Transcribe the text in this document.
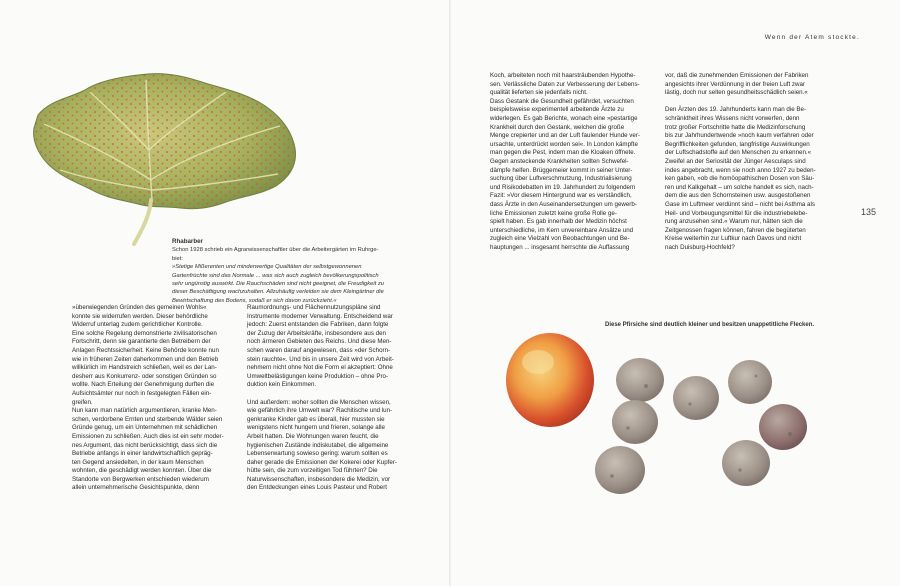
Rhabarber
Schon 1928 schrieb ein Agrarwissenschaftler über die Arbeitergärten im Ruhrge-
biet:
»Stetige Mißerenten und minderwertige Qualitäten der selbstgewonnenen
Gartenfrüchte sind das Normale ... was sich auch zugleich bevölkerungspolitisch
sehr ungünstig auswirkt. Die Rauchschäden sind nicht geeignet, die Freudigkeit zu
dieser Beschäftigung wachzuhalten. Allzuhäufig verleiden sie dem Kleingärtner die
Bewirtschaftung des Bodens, sodaß er sich davon zurückzieht.«
»überwiegenden Gründen des gemeinen Wohls«
konnte sie widerrufen werden. Dieser behördliche
Widerruf unterlag zudem gerichtlicher Kontrolle.
Eine solche Regelung demonstrierte zivilisatorischen
Fortschritt, denn sie garantierte den Betreibern der
Anlagen Rechtssicherheit. Keine Behörde konnte nun
wie in früheren Zeiten daherkommen und den Betrieb
willkürlich im Handstreich schließen, weil es der Lan-
desherr aus Konkurrenz- oder sonstigen Gründen so
wollte. Nach Erteilung der Genehmigung durften die
Aufsichtsämter nur noch in festgelegten Fällen ein-
greifen.
Nun kann man natürlich argumentieren, kranke Men-
schen, verdorbene Ernten und sterbende Wälder seien
Gründe genug, um ein Unternehmen mit schädlichen
Emissionen zu schließen. Auch dies ist ein sehr moder-
nes Argument, das nicht berücksichtigt, dass sich die
Betriebe anfangs in einer landwirtschaftlich gepräg-
ten Gegend ansiedelten, in der kaum Menschen
wohnten, die geschädigt werden konnten. Über die
Standorte von Bergwerken entschieden wiederum
allein unternehmerische Gesichtspunkte, denn
Raumordnungs- und Flächennutzungspläne sind
Instrumente moderner Verwaltung. Entscheidend war
jedoch: Zuerst entstanden die Fabriken, dann folgte
der Zuzug der Arbeitskräfte, insbesondere aus den
noch ärmeren Gebieten des Reichs. Und diese Men-
schen waren darauf angewiesen, dass »der Schorn-
stein rauchte«. Und bis in unsere Zeit wird von Arbeit-
nehmern nicht ohne Not die Form el akzeptiert: Ohne
Umweltbelästigungen keine Produktion – ohne Pro-
duktion kein Einkommen.

Und außerdem: woher sollten die Menschen wissen,
wie gefährlich ihre Umwelt war? Rachitische und lun-
genkranke Kinder gab es überall, hier mussten sie
wenigstens nicht hungern und frieren, solange alle
Arbeit hatten. Die Wohnungen waren feucht, die
hygienischen Zustände indiskutabel, die allgemeine
Lebenserwartung sowieso gering: warum sollten es
daher gerade die Emissionen der Kokerei oder Kupfer-
hütte sein, die zum vorzeitigen Tod führten? Die
Naturwissenschaften, insbesondere die Medizin, vor
den Entdeckungen eines Louis Pasteur und Robert
Wenn der Atem stockte.
135
Koch, arbeiteten noch mit haarsträubenden Hypothe-
sen. Verlässliche Daten zur Verbesserung der Lebens-
qualität lieferten sie jedenfalls nicht.
Dass Gestank die Gesundheit gefährdet, versuchten
beispielsweise experimentell arbeitende Ärzte zu
widerlegen. Es gab Berichte, wonach eine »pestartige
Krankheit durch den Gestank, welchen die große
Menge crepierter und an der Luft faulender Hunde ver-
ursachte, unterdrückt worden sei«. In London kämpfte
man gegen die Pest, indem man die Kloaken öffnete.
Gegen ansteckende Krankheiten sollten Schwefel-
dämpfe helfen. Brüggemeier kommt in seiner Unter-
suchung über Luftverschmutzung, Industrialisierung
und Risikodebatten im 19. Jahrhundert zu folgendem
Fazit: »Vor diesem Hintergrund war es verständlich,
dass Ärzte in den Auseinandersetzungen um gewerb-
liche Emissionen zuletzt keine große Rolle ge-
spielt haben. Es gab innerhalb der Medizin höchst
unterschiedliche, im Kern unvereinbare Ansätze und
zugleich eine Vielzahl von Beobachtungen und Be-
hauptungen ... insgesamt herrschte die Auffassung
vor, daß die zunehmenden Emissionen der Fabriken
angesichts ihrer Verdünnung in der freien Luft zwar
lästig, doch nur selten gesundheitsschädlich seien.«

Den Ärzten des 19. Jahrhunderts kann man die Be-
schränktheit ihres Wissens nicht vorwerfen, denn
trotz großer Fortschritte hatte die Medizinforschung
bis zur Jahrhundertwende »noch kaum verfahren oder
Begrifflichkeiten gefunden, langfristige Auswirkungen
der Luftschadstoffe auf den Menschen zu erkennen.«
Zweifel an der Seriosität der Jünger Aesculaps sind
indes angebracht, wenn sie noch anno 1927 zu beden-
ken gaben, »ob die homöopathischen Dosen von Säu-
ren und Kalkgehalt – um solche handelt es sich, nach-
dem die aus den Schornsteinen usw. ausgestoßenen
Gase im Luftmeer verdünnt sind – nicht bei Asthma als
Heil- und Vorbeugungsmittel für die industriebelebe-
rung anzusehen sind.« Warum nur, hätten sich die
Zeitgenossen fragen können, fahren die begüterten
Kreise weiterhin zur Luftkur nach Davos und nicht
nach Duisburg-Hochfeld?
Diese Pfirsiche sind deutlich kleiner und besitzen unappetitliche Flecken.
